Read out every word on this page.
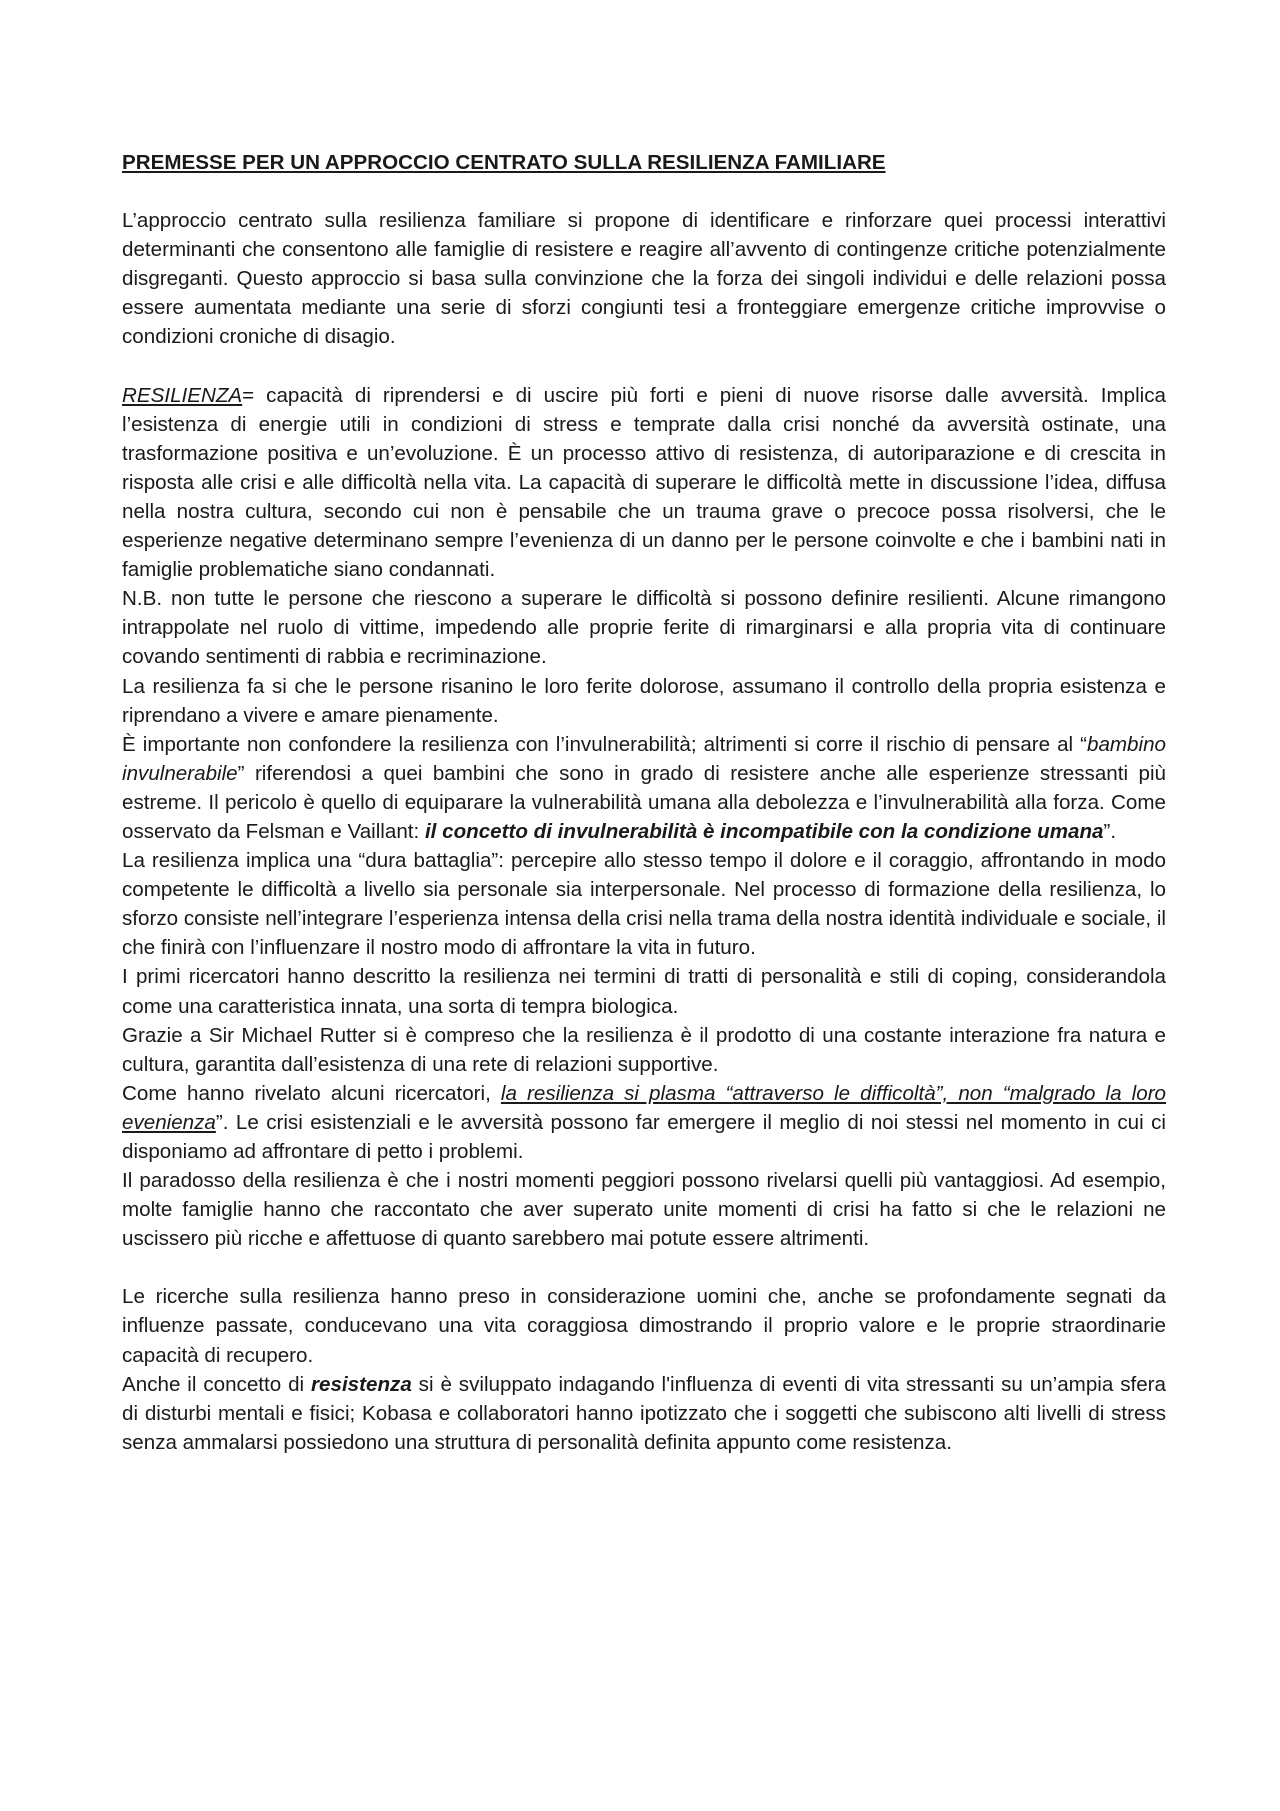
PREMESSE PER UN APPROCCIO CENTRATO SULLA RESILIENZA FAMILIARE

L’approccio centrato sulla resilienza familiare si propone di identificare e rinforzare quei processi interattivi determinanti che consentono alle famiglie di resistere e reagire all’avvento di contingenze critiche potenzialmente disgreganti. Questo approccio si basa sulla convinzione che la forza dei singoli individui e delle relazioni possa essere aumentata mediante una serie di sforzi congiunti tesi a fronteggiare emergenze critiche improvvise o condizioni croniche di disagio.

RESILIENZA= capacità di riprendersi e di uscire più forti e pieni di nuove risorse dalle avversità. Implica l’esistenza di energie utili in condizioni di stress e temprate dalla crisi nonché da avversità ostinate, una trasformazione positiva e un’evoluzione. È un processo attivo di resistenza, di autoriparazione e di crescita in risposta alle crisi e alle difficoltà nella vita. La capacità di superare le difficoltà mette in discussione l’idea, diffusa nella nostra cultura, secondo cui non è pensabile che un trauma grave o precoce possa risolversi, che le esperienze negative determinano sempre l’evenienza di un danno per le persone coinvolte e che i bambini nati in famiglie problematiche siano condannati.

N.B. non tutte le persone che riescono a superare le difficoltà si possono definire resilienti. Alcune rimangono intrappolate nel ruolo di vittime, impedendo alle proprie ferite di rimarginarsi e alla propria vita di continuare covando sentimenti di rabbia e recriminazione.

La resilienza fa si che le persone risanino le loro ferite dolorose, assumano il controllo della propria esistenza e riprendano a vivere e amare pienamente.

È importante non confondere la resilienza con l’invulnerabilità; altrimenti si corre il rischio di pensare al “bambino invulnerabile” riferendosi a quei bambini che sono in grado di resistere anche alle esperienze stressanti più estreme. Il pericolo è quello di equiparare la vulnerabilità umana alla debolezza e l’invulnerabilità alla forza. Come osservato da Felsman e Vaillant: il concetto di invulnerabilità è incompatibile con la condizione umana”.

La resilienza implica una “dura battaglia”: percepire allo stesso tempo il dolore e il coraggio, affrontando in modo competente le difficoltà a livello sia personale sia interpersonale. Nel processo di formazione della resilienza, lo sforzo consiste nell’integrare l’esperienza intensa della crisi nella trama della nostra identità individuale e sociale, il che finirà con l’influenzare il nostro modo di affrontare la vita in futuro.

I primi ricercatori hanno descritto la resilienza nei termini di tratti di personalità e stili di coping, considerandola come una caratteristica innata, una sorta di tempra biologica.

Grazie a Sir Michael Rutter si è compreso che la resilienza è il prodotto di una costante interazione fra natura e cultura, garantita dall’esistenza di una rete di relazioni supportive.

Come hanno rivelato alcuni ricercatori, la resilienza si plasma “attraverso le difficoltà”, non “malgrado la loro evenienza”. Le crisi esistenziali e le avversità possono far emergere il meglio di noi stessi nel momento in cui ci disponiamo ad affrontare di petto i problemi.

Il paradosso della resilienza è che i nostri momenti peggiori possono rivelarsi quelli più vantaggiosi. Ad esempio, molte famiglie hanno che raccontato che aver superato unite momenti di crisi ha fatto si che le relazioni ne uscissero più ricche e affettuose di quanto sarebbero mai potute essere altrimenti.

Le ricerche sulla resilienza hanno preso in considerazione uomini che, anche se profondamente segnati da influenze passate, conducevano una vita coraggiosa dimostrando il proprio valore e le proprie straordinarie capacità di recupero.

Anche il concetto di resistenza si è sviluppato indagando l'influenza di eventi di vita stressanti su un’ampia sfera di disturbi mentali e fisici; Kobasa e collaboratori hanno ipotizzato che i soggetti che subiscono alti livelli di stress senza ammalarsi possiedono una struttura di personalità definita appunto come resistenza.
